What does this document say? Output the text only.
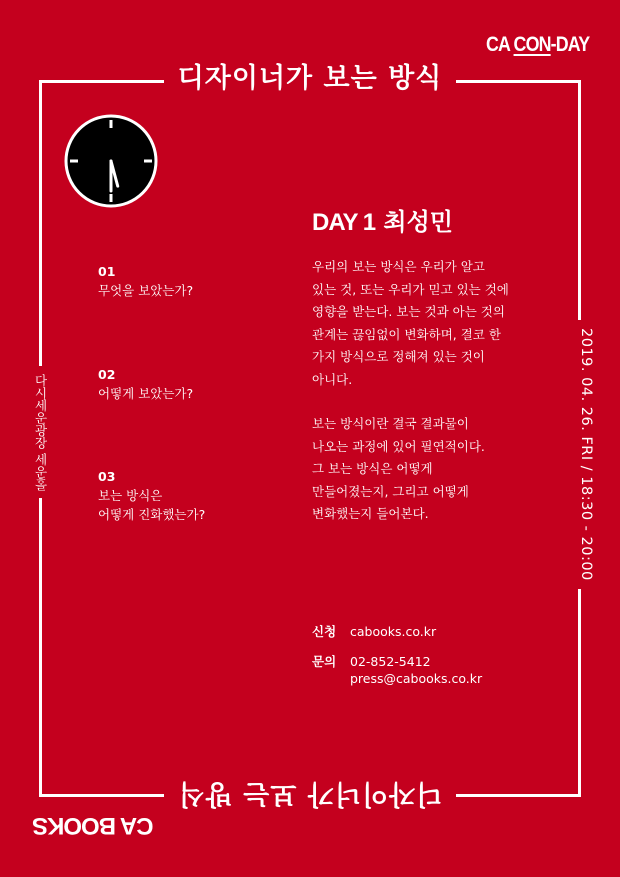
CA CON-DAY
디자이너가 보는 방식
디자이너가 보는 방식
다시세운광장 세운홀	2019. 04. 26. FRI / 18:30 - 20:00
CA BOOKS
DAY 1 최성민
01
무엇을 보았는가?
02
어떻게 보았는가?
03
보는 방식은
어떻게 진화했는가?
우리의 보는 방식은 우리가 알고
있는 것, 또는 우리가 믿고 있는 것에
영향을 받는다. 보는 것과 아는 것의
관계는 끊임없이 변화하며, 결코 한
가지 방식으로 정해져 있는 것이
아니다.
보는 방식이란 결국 결과물이
나오는 과정에 있어 필연적이다.
그 보는 방식은 어떻게
만들어졌는지, 그리고 어떻게
변화했는지 들어본다.
신청 cabooks.co.kr
문의 02-852-5412
press@cabooks.co.kr
